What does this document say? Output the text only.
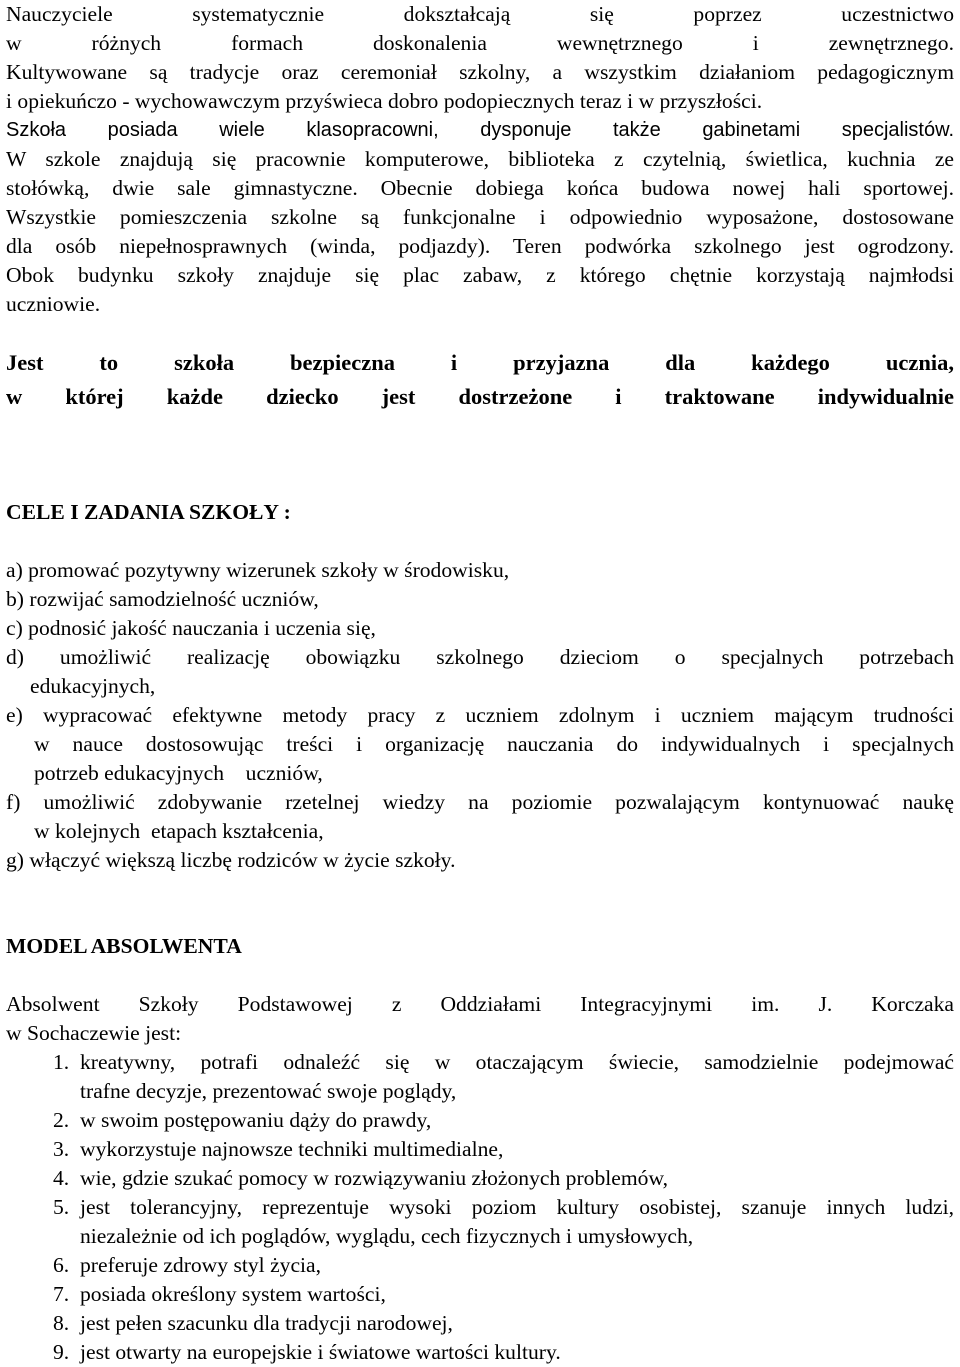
Nauczyciele systematycznie dokształcają się poprzez uczestnictwo

w różnych formach doskonalenia wewnętrznego i zewnętrznego.

Kultywowane są tradycje oraz ceremoniał szkolny, a wszystkim działaniom pedagogicznym

i opiekuńczo - wychowawczym przyświeca dobro podopiecznych teraz i w przyszłości.

Szkoła posiada wiele klasopracowni, dysponuje także gabinetami specjalistów.

W szkole znajdują się pracownie komputerowe, biblioteka z czytelnią, świetlica, kuchnia ze

stołówką, dwie sale gimnastyczne. Obecnie dobiega końca budowa nowej hali sportowej.

Wszystkie pomieszczenia szkolne są funkcjonalne i odpowiednio wyposażone, dostosowane

dla osób niepełnosprawnych (winda, podjazdy). Teren podwórka szkolnego jest ogrodzony.

Obok budynku szkoły znajduje się plac zabaw, z którego chętnie korzystają najmłodsi

uczniowie.

Jest to szkoła bezpieczna i przyjazna dla każdego ucznia,

w której każde dziecko jest dostrzeżone i traktowane indywidualnie

CELE I ZADANIA SZKOŁY :

a) promować pozytywny wizerunek szkoły w środowisku,

b) rozwijać samodzielność uczniów,

c) podnosić jakość nauczania i uczenia się,

d) umożliwić realizację obowiązku szkolnego dzieciom o specjalnych potrzebach

edukacyjnych,

e) wypracować efektywne metody pracy z uczniem zdolnym i uczniem mającym trudności

w nauce dostosowując treści i organizację nauczania do indywidualnych i specjalnych

potrzeb edukacyjnych    uczniów,

f) umożliwić zdobywanie rzetelnej wiedzy na poziomie pozwalającym kontynuować naukę

w kolejnych  etapach kształcenia,

g) włączyć większą liczbę rodziców w życie szkoły.

MODEL ABSOLWENTA

Absolwent Szkoły Podstawowej z Oddziałami Integracyjnymi im. J. Korczaka

w Sochaczewie jest:

1. kreatywny, potrafi odnaleźć się w otaczającym świecie, samodzielnie podejmować
trafne decyzje, prezentować swoje poglądy,
2. w swoim postępowaniu dąży do prawdy,
3. wykorzystuje najnowsze techniki multimedialne,
4. wie, gdzie szukać pomocy w rozwiązywaniu złożonych problemów,
5. jest tolerancyjny, reprezentuje wysoki poziom kultury osobistej, szanuje innych ludzi,
niezależnie od ich poglądów, wyglądu, cech fizycznych i umysłowych,
6. preferuje zdrowy styl życia,
7. posiada określony system wartości,
8. jest pełen szacunku dla tradycji narodowej,
9. jest otwarty na europejskie i światowe wartości kultury.
